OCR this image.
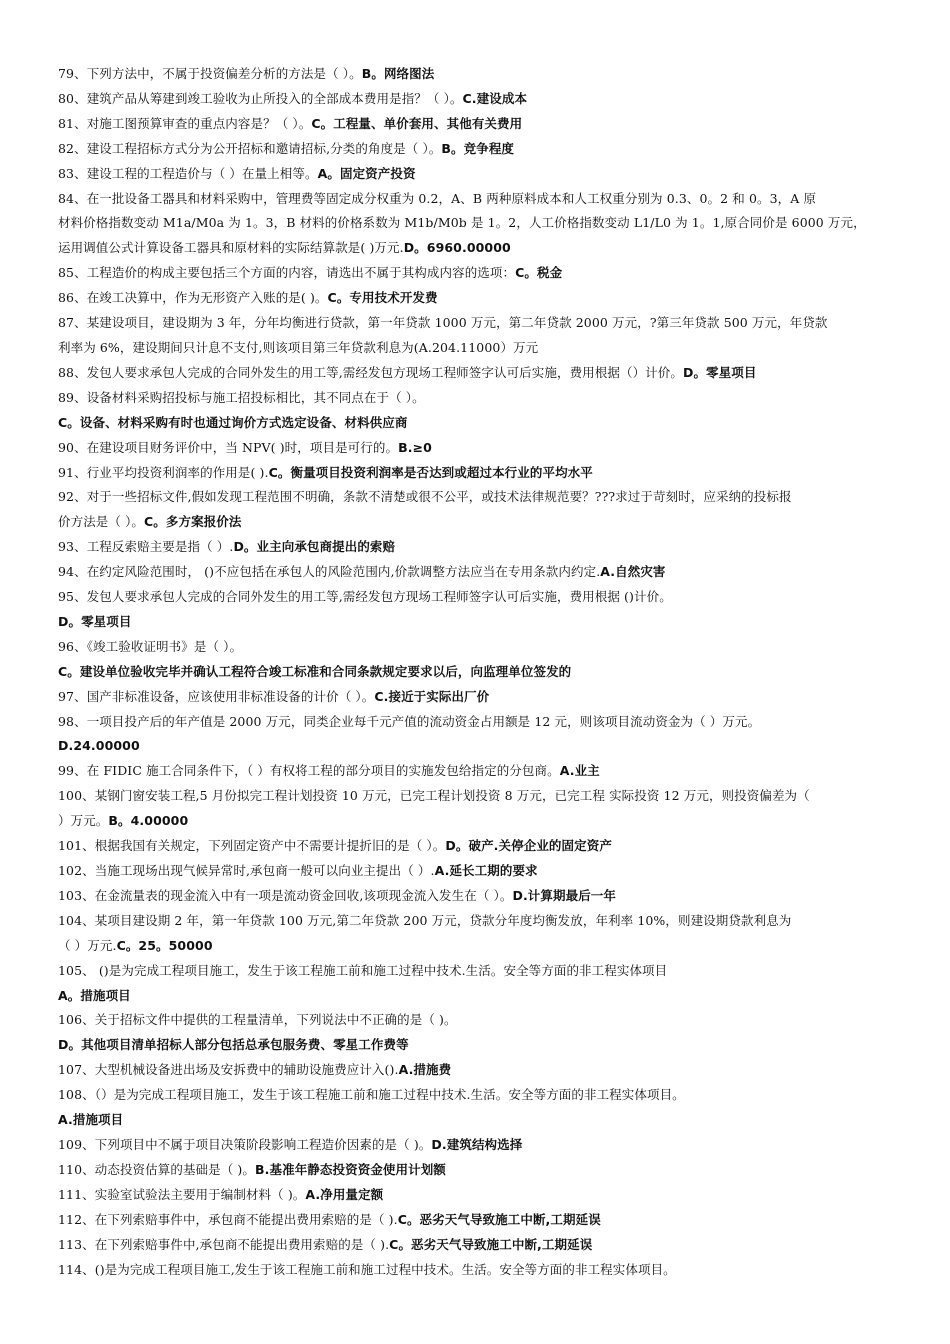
79、下列方法中，不属于投资偏差分析的方法是（ ）。B。网络图法
80、建筑产品从筹建到竣工验收为止所投入的全部成本费用是指？（ ）。C.建设成本
81、对施工图预算审查的重点内容是？（ ）。C。工程量、单价套用、其他有关费用
82、建设工程招标方式分为公开招标和邀请招标,分类的角度是（ ）。B。竞争程度
83、建设工程的工程造价与（ ）在量上相等。A。固定资产投资
84、在一批设备工器具和材料采购中，管理费等固定成分权重为 0.2，A、B 两种原料成本和人工权重分别为 0.3、0。2 和 0。3，A 原
材料价格指数变动 M1a/M0a 为 1。3，B 材料的价格系数为 M1b/M0b 是 1。2，人工价格指数变动 L1/L0 为 1。1,原合同价是 6000 万元，
运用调值公式计算设备工器具和原材料的实际结算款是( )万元.D。6960.00000
85、工程造价的构成主要包括三个方面的内容，请选出不属于其构成内容的选项：C。税金
86、在竣工决算中，作为无形资产入账的是( )。C。专用技术开发费
87、某建设项目，建设期为 3 年，分年均衡进行贷款，第一年贷款 1000 万元，第二年贷款 2000 万元，?第三年贷款 500 万元，年贷款
利率为 6%，建设期间只计息不支付,则该项目第三年贷款利息为(A.204.11000）万元
88、发包人要求承包人完成的合同外发生的用工等,需经发包方现场工程师签字认可后实施，费用根据（）计价。D。零星项目
89、设备材料采购招投标与施工招投标相比，其不同点在于（ ）。
C。设备、材料采购有时也通过询价方式选定设备、材料供应商
90、在建设项目财务评价中，当 NPV( )时，项目是可行的。B.≥0
91、行业平均投资利润率的作用是( ).C。衡量项目投资利润率是否达到或超过本行业的平均水平
92、对于一些招标文件,假如发现工程范围不明确，条款不清楚或很不公平，或技术法律规范要？???求过于苛刻时，应采纳的投标报
价方法是（ ）。C。多方案报价法
93、工程反索赔主要是指（ ）.D。业主向承包商提出的索赔
94、在约定风险范围时， ()不应包括在承包人的风险范围内,价款调整方法应当在专用条款内约定.A.自然灾害
95、发包人要求承包人完成的合同外发生的用工等,需经发包方现场工程师签字认可后实施，费用根据 ()计价。
D。零星项目
96、《竣工验收证明书》是（ ）。
C。建设单位验收完毕并确认工程符合竣工标准和合同条款规定要求以后，向监理单位签发的
97、国产非标准设备，应该使用非标准设备的计价（ ）。C.接近于实际出厂价
98、一项目投产后的年产值是 2000 万元，同类企业每千元产值的流动资金占用额是 12 元，则该项目流动资金为（ ）万元。
D.24.00000
99、在 FIDIC 施工合同条件下，（ ）有权将工程的部分项目的实施发包给指定的分包商。A.业主
100、某钢门窗安装工程,5 月份拟完工程计划投资 10 万元，已完工程计划投资 8 万元，已完工程 实际投资 12 万元，则投资偏差为（
）万元。B。4.00000
101、根据我国有关规定，下列固定资产中不需要计提折旧的是（ ）。D。破产.关停企业的固定资产
102、当施工现场出现气候异常时,承包商一般可以向业主提出（ ）.A.延长工期的要求
103、在金流量表的现金流入中有一项是流动资金回收,该项现金流入发生在（ ）。D.计算期最后一年
104、某项目建设期 2 年，第一年贷款 100 万元,第二年贷款 200 万元，贷款分年度均衡发放，年利率 10%，则建设期贷款利息为
（ ）万元.C。25。50000
105、 ()是为完成工程项目施工，发生于该工程施工前和施工过程中技术.生活。安全等方面的非工程实体项目
A。措施项目
106、关于招标文件中提供的工程量清单，下列说法中不正确的是（ )。
D。其他项目清单招标人部分包括总承包服务费、零星工作费等
107、大型机械设备进出场及安拆费中的辅助设施费应计入().A.措施费
108、（）是为完成工程项目施工，发生于该工程施工前和施工过程中技术.生活。安全等方面的非工程实体项目。
A.措施项目
109、下列项目中不属于项目决策阶段影响工程造价因素的是（ )。D.建筑结构选择
110、动态投资估算的基础是（ )。B.基准年静态投资资金使用计划额
111、实验室试验法主要用于编制材料（ )。A.净用量定额
112、在下列索赔事件中，承包商不能提出费用索赔的是（ ).C。恶劣天气导致施工中断,工期延误
113、在下列索赔事件中,承包商不能提出费用索赔的是（ ).C。恶劣天气导致施工中断,工期延误
114、()是为完成工程项目施工,发生于该工程施工前和施工过程中技术。生活。安全等方面的非工程实体项目。
